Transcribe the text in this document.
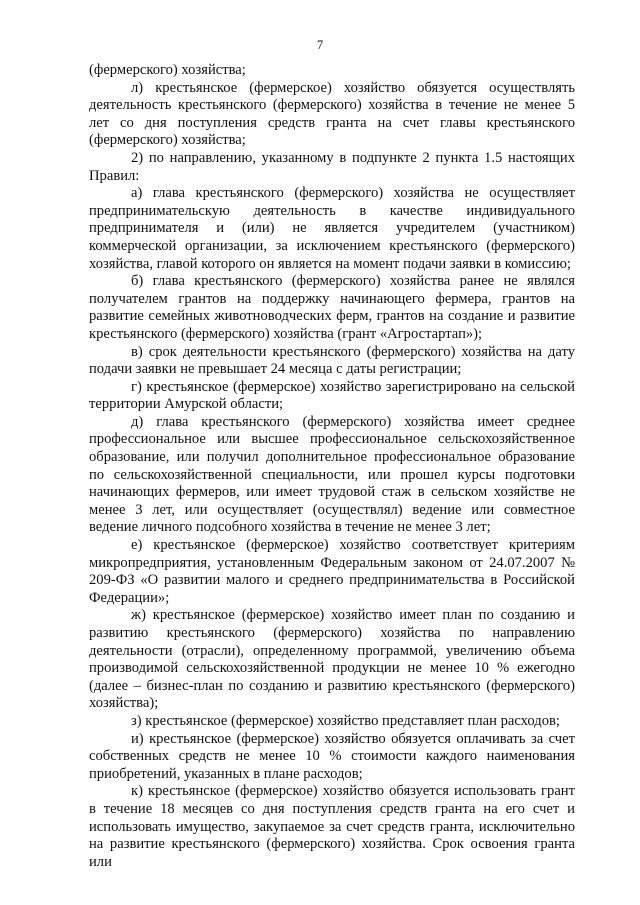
7

(фермерского) хозяйства;

л) крестьянское (фермерское) хозяйство обязуется осуществлять деятельность крестьянского (фермерского) хозяйства в течение не менее 5 лет со дня поступления средств гранта на счет главы крестьянского (фермерского) хозяйства;

2) по направлению, указанному в подпункте 2 пункта 1.5 настоящих Правил:

а) глава крестьянского (фермерского) хозяйства не осуществляет предпринимательскую деятельность в качестве индивидуального предпринимателя и (или) не является учредителем (участником) коммерческой организации, за исключением крестьянского (фермерского) хозяйства, главой которого он является на момент подачи заявки в комиссию;

б) глава крестьянского (фермерского) хозяйства ранее не являлся получателем грантов на поддержку начинающего фермера, грантов на развитие семейных животноводческих ферм, грантов на создание и развитие крестьянского (фермерского) хозяйства (грант «Агростартап»);

в) срок деятельности крестьянского (фермерского) хозяйства на дату подачи заявки не превышает 24 месяца с даты регистрации;

г) крестьянское (фермерское) хозяйство зарегистрировано на сельской территории Амурской области;

д) глава крестьянского (фермерского) хозяйства имеет среднее профессиональное или высшее профессиональное сельскохозяйственное образование, или получил дополнительное профессиональное образование по сельскохозяйственной специальности, или прошел курсы подготовки начинающих фермеров, или имеет трудовой стаж в сельском хозяйстве не менее 3 лет, или осуществляет (осуществлял) ведение или совместное ведение личного подсобного хозяйства в течение не менее 3 лет;

е) крестьянское (фермерское) хозяйство соответствует критериям микропредприятия, установленным Федеральным законом от 24.07.2007 № 209-ФЗ «О развитии малого и среднего предпринимательства в Российской Федерации»;

ж) крестьянское (фермерское) хозяйство имеет план по созданию и развитию крестьянского (фермерского) хозяйства по направлению деятельности (отрасли), определенному программой, увеличению объема производимой сельскохозяйственной продукции не менее 10 % ежегодно (далее – бизнес-план по созданию и развитию крестьянского (фермерского) хозяйства);

з) крестьянское (фермерское) хозяйство представляет план расходов;

и) крестьянское (фермерское) хозяйство обязуется оплачивать за счет собственных средств не менее 10 % стоимости каждого наименования приобретений, указанных в плане расходов;

к) крестьянское (фермерское) хозяйство обязуется использовать грант в течение 18 месяцев со дня поступления средств гранта на его счет и использовать имущество, закупаемое за счет средств гранта, исключительно на развитие крестьянского (фермерского) хозяйства. Срок освоения гранта или
